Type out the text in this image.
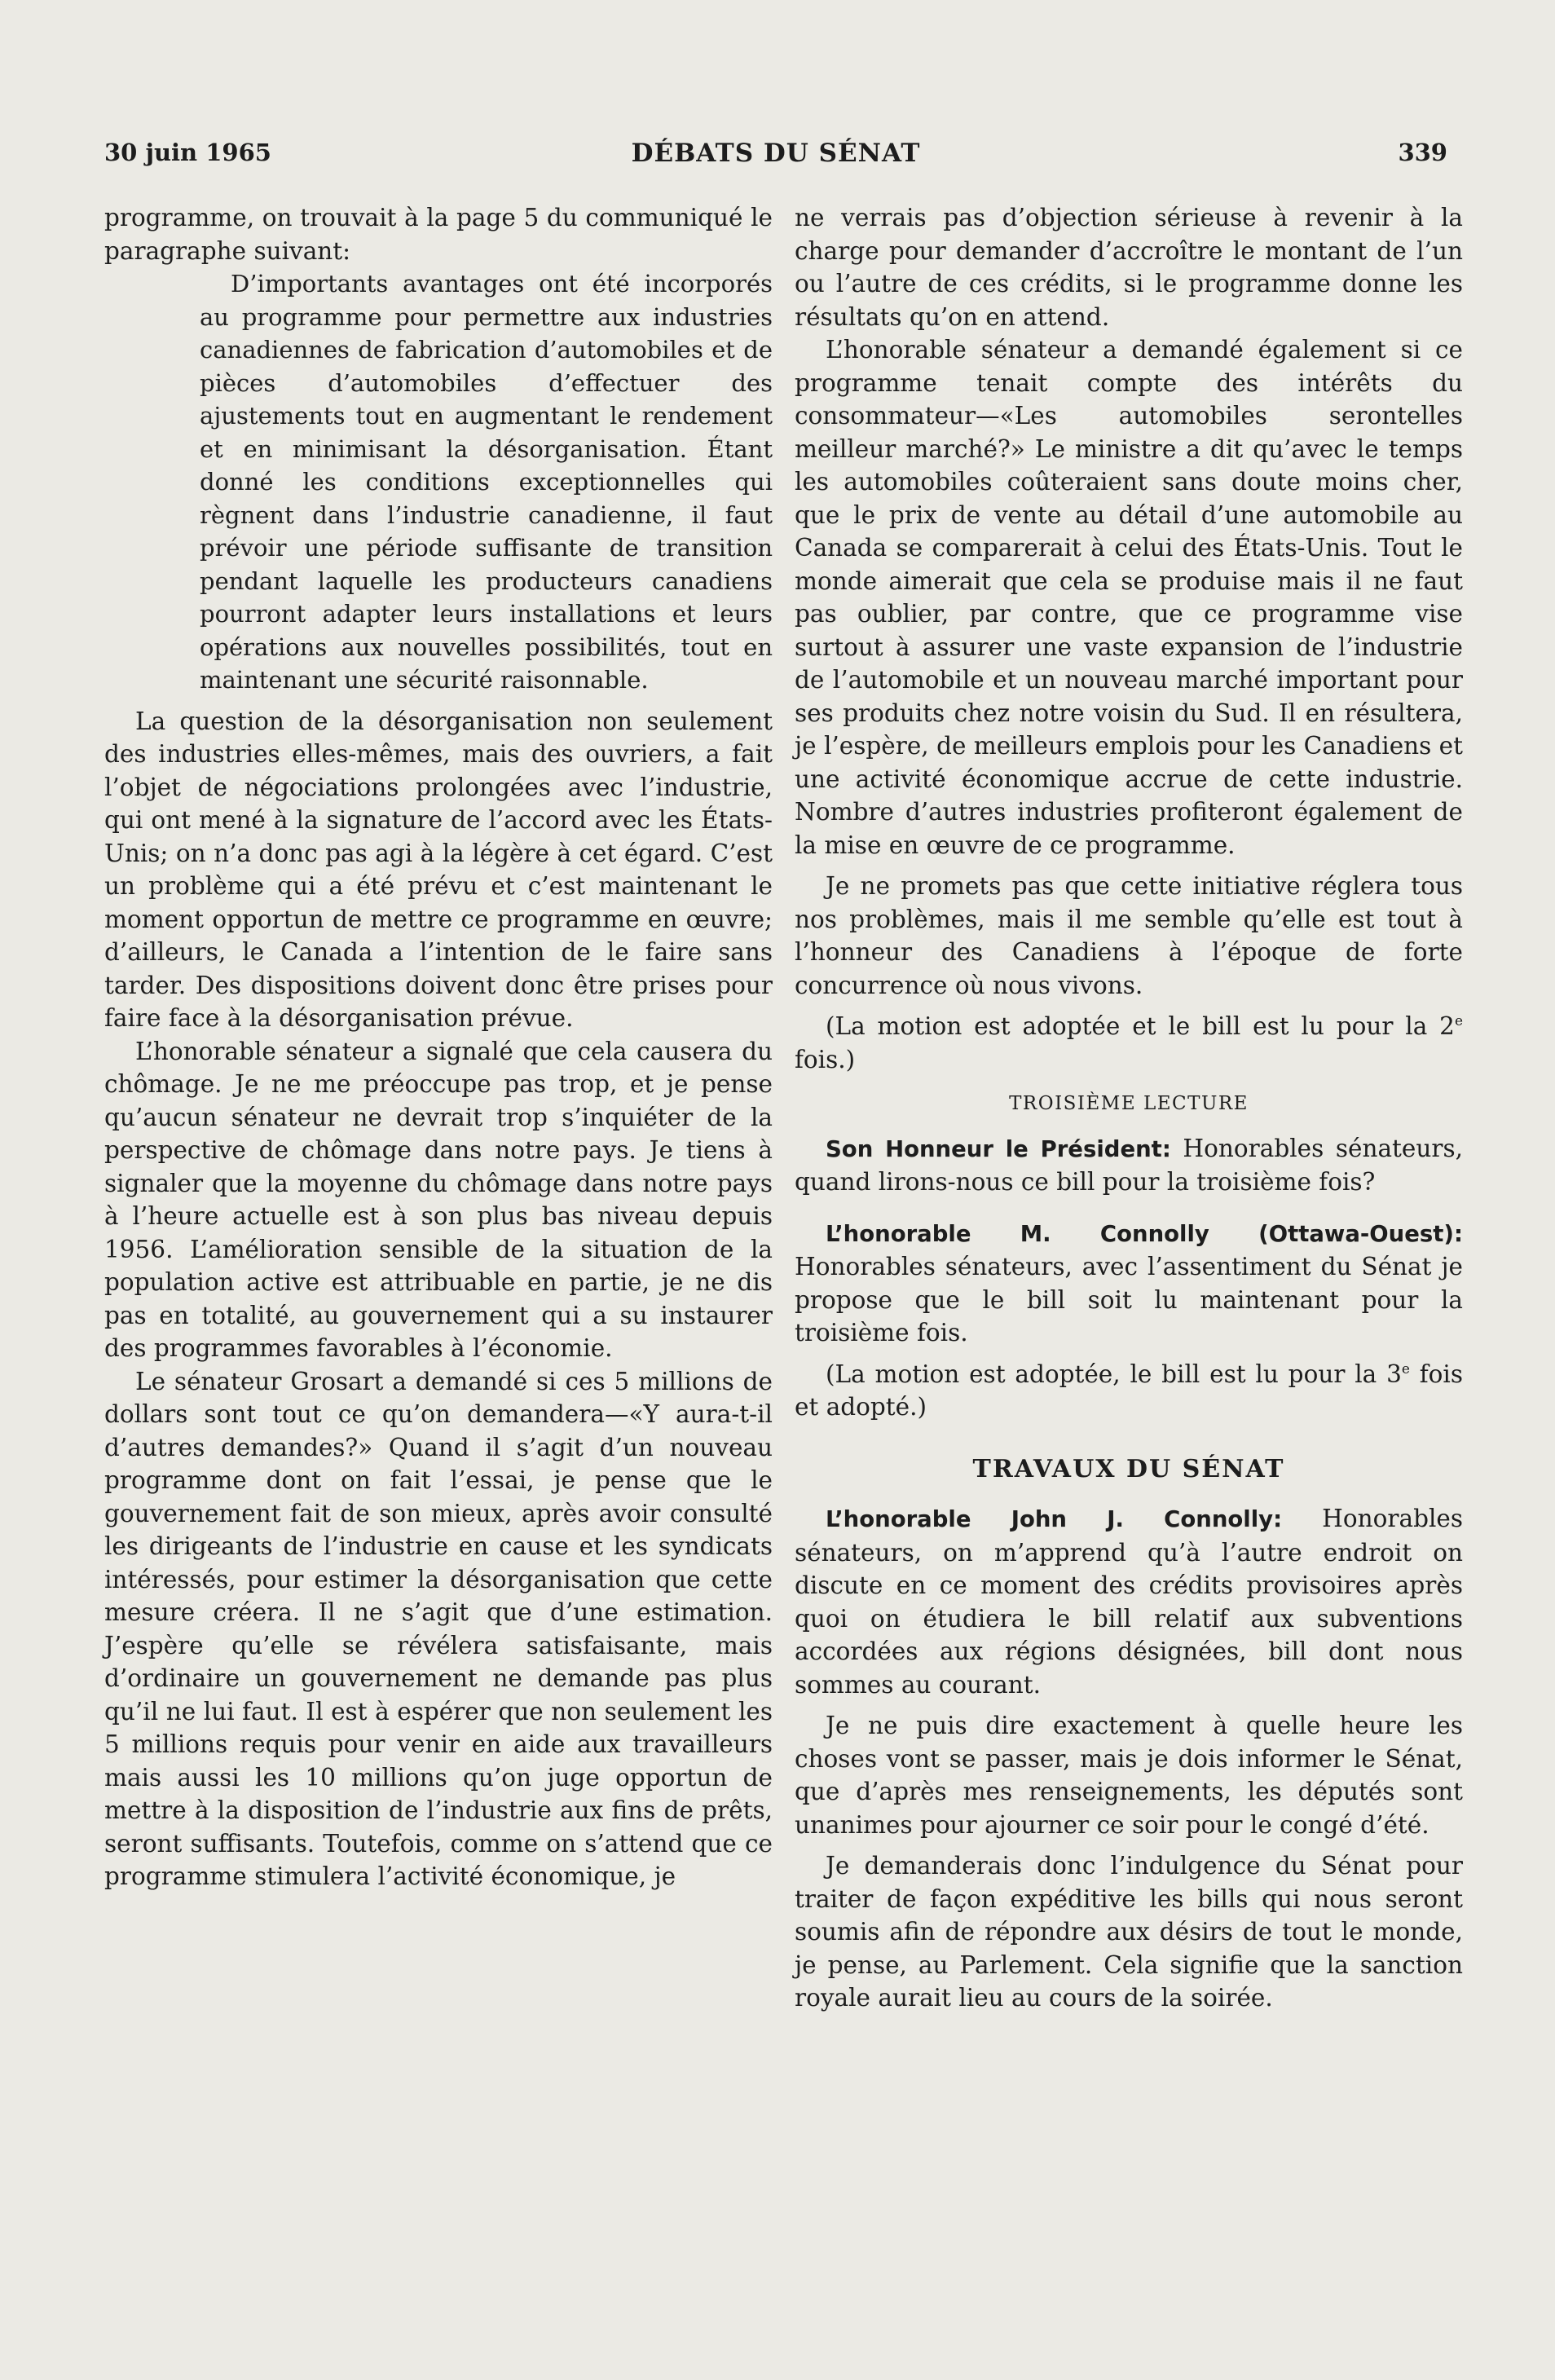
30 juin 1965	DÉBATS DU SÉNAT	339

programme, on trouvait à la page 5 du communiqué le paragraphe suivant:

D’importants avantages ont été incorporés au programme pour permettre aux industries canadiennes de fabrication d’automobiles et de pièces d’automobiles d’effectuer des ajustements tout en augmentant le rendement et en minimisant la désorganisation. Étant donné les conditions exceptionnelles qui règnent dans l’industrie canadienne, il faut prévoir une période suffisante de transition pendant laquelle les producteurs canadiens pourront adapter leurs installations et leurs opérations aux nouvelles possibilités, tout en maintenant une sécurité raisonnable.

La question de la désorganisation non seulement des industries elles-mêmes, mais des ouvriers, a fait l’objet de négociations prolongées avec l’industrie, qui ont mené à la signature de l’accord avec les États-Unis; on n’a donc pas agi à la légère à cet égard. C’est un problème qui a été prévu et c’est maintenant le moment opportun de mettre ce programme en œuvre; d’ailleurs, le Canada a l’intention de le faire sans tarder. Des dispositions doivent donc être prises pour faire face à la désorganisation prévue.

L’honorable sénateur a signalé que cela causera du chômage. Je ne me préoccupe pas trop, et je pense qu’aucun sénateur ne devrait trop s’inquiéter de la perspective de chômage dans notre pays. Je tiens à signaler que la moyenne du chômage dans notre pays à l’heure actuelle est à son plus bas niveau depuis 1956. L’amélioration sensible de la situation de la population active est attribuable en partie, je ne dis pas en totalité, au gouvernement qui a su instaurer des programmes favorables à l’économie.

Le sénateur Grosart a demandé si ces 5 millions de dollars sont tout ce qu’on demandera—«Y aura-t-il d’autres demandes?» Quand il s’agit d’un nouveau programme dont on fait l’essai, je pense que le gouvernement fait de son mieux, après avoir consulté les dirigeants de l’industrie en cause et les syndicats intéressés, pour estimer la désorganisation que cette mesure créera. Il ne s’agit que d’une estimation. J’espère qu’elle se révélera satisfaisante, mais d’ordinaire un gouvernement ne demande pas plus qu’il ne lui faut. Il est à espérer que non seulement les 5 millions requis pour venir en aide aux travailleurs mais aussi les 10 millions qu’on juge opportun de mettre à la disposition de l’industrie aux fins de prêts, seront suffisants. Toutefois, comme on s’attend que ce programme stimulera l’activité économique, je

ne verrais pas d’objection sérieuse à revenir à la charge pour demander d’accroître le montant de l’un ou l’autre de ces crédits, si le programme donne les résultats qu’on en attend.

L’honorable sénateur a demandé également si ce programme tenait compte des intérêts du consommateur—«Les automobiles serontelles meilleur marché?» Le ministre a dit qu’avec le temps les automobiles coûteraient sans doute moins cher, que le prix de vente au détail d’une automobile au Canada se comparerait à celui des États-Unis. Tout le monde aimerait que cela se produise mais il ne faut pas oublier, par contre, que ce programme vise surtout à assurer une vaste expansion de l’industrie de l’automobile et un nouveau marché important pour ses produits chez notre voisin du Sud. Il en résultera, je l’espère, de meilleurs emplois pour les Canadiens et une activité économique accrue de cette industrie. Nombre d’autres industries profiteront également de la mise en œuvre de ce programme.

Je ne promets pas que cette initiative réglera tous nos problèmes, mais il me semble qu’elle est tout à l’honneur des Canadiens à l’époque de forte concurrence où nous vivons.

(La motion est adoptée et le bill est lu pour la 2e fois.)

TROISIÈME LECTURE

Son Honneur le Président: Honorables sénateurs, quand lirons-nous ce bill pour la troisième fois?

L’honorable M. Connolly (Ottawa-Ouest): Honorables sénateurs, avec l’assentiment du Sénat je propose que le bill soit lu maintenant pour la troisième fois.

(La motion est adoptée, le bill est lu pour la 3e fois et adopté.)

TRAVAUX DU SÉNAT

L’honorable John J. Connolly: Honorables sénateurs, on m’apprend qu’à l’autre endroit on discute en ce moment des crédits provisoires après quoi on étudiera le bill relatif aux subventions accordées aux régions désignées, bill dont nous sommes au courant.

Je ne puis dire exactement à quelle heure les choses vont se passer, mais je dois informer le Sénat, que d’après mes renseignements, les députés sont unanimes pour ajourner ce soir pour le congé d’été.

Je demanderais donc l’indulgence du Sénat pour traiter de façon expéditive les bills qui nous seront soumis afin de répondre aux désirs de tout le monde, je pense, au Parlement. Cela signifie que la sanction royale aurait lieu au cours de la soirée.
